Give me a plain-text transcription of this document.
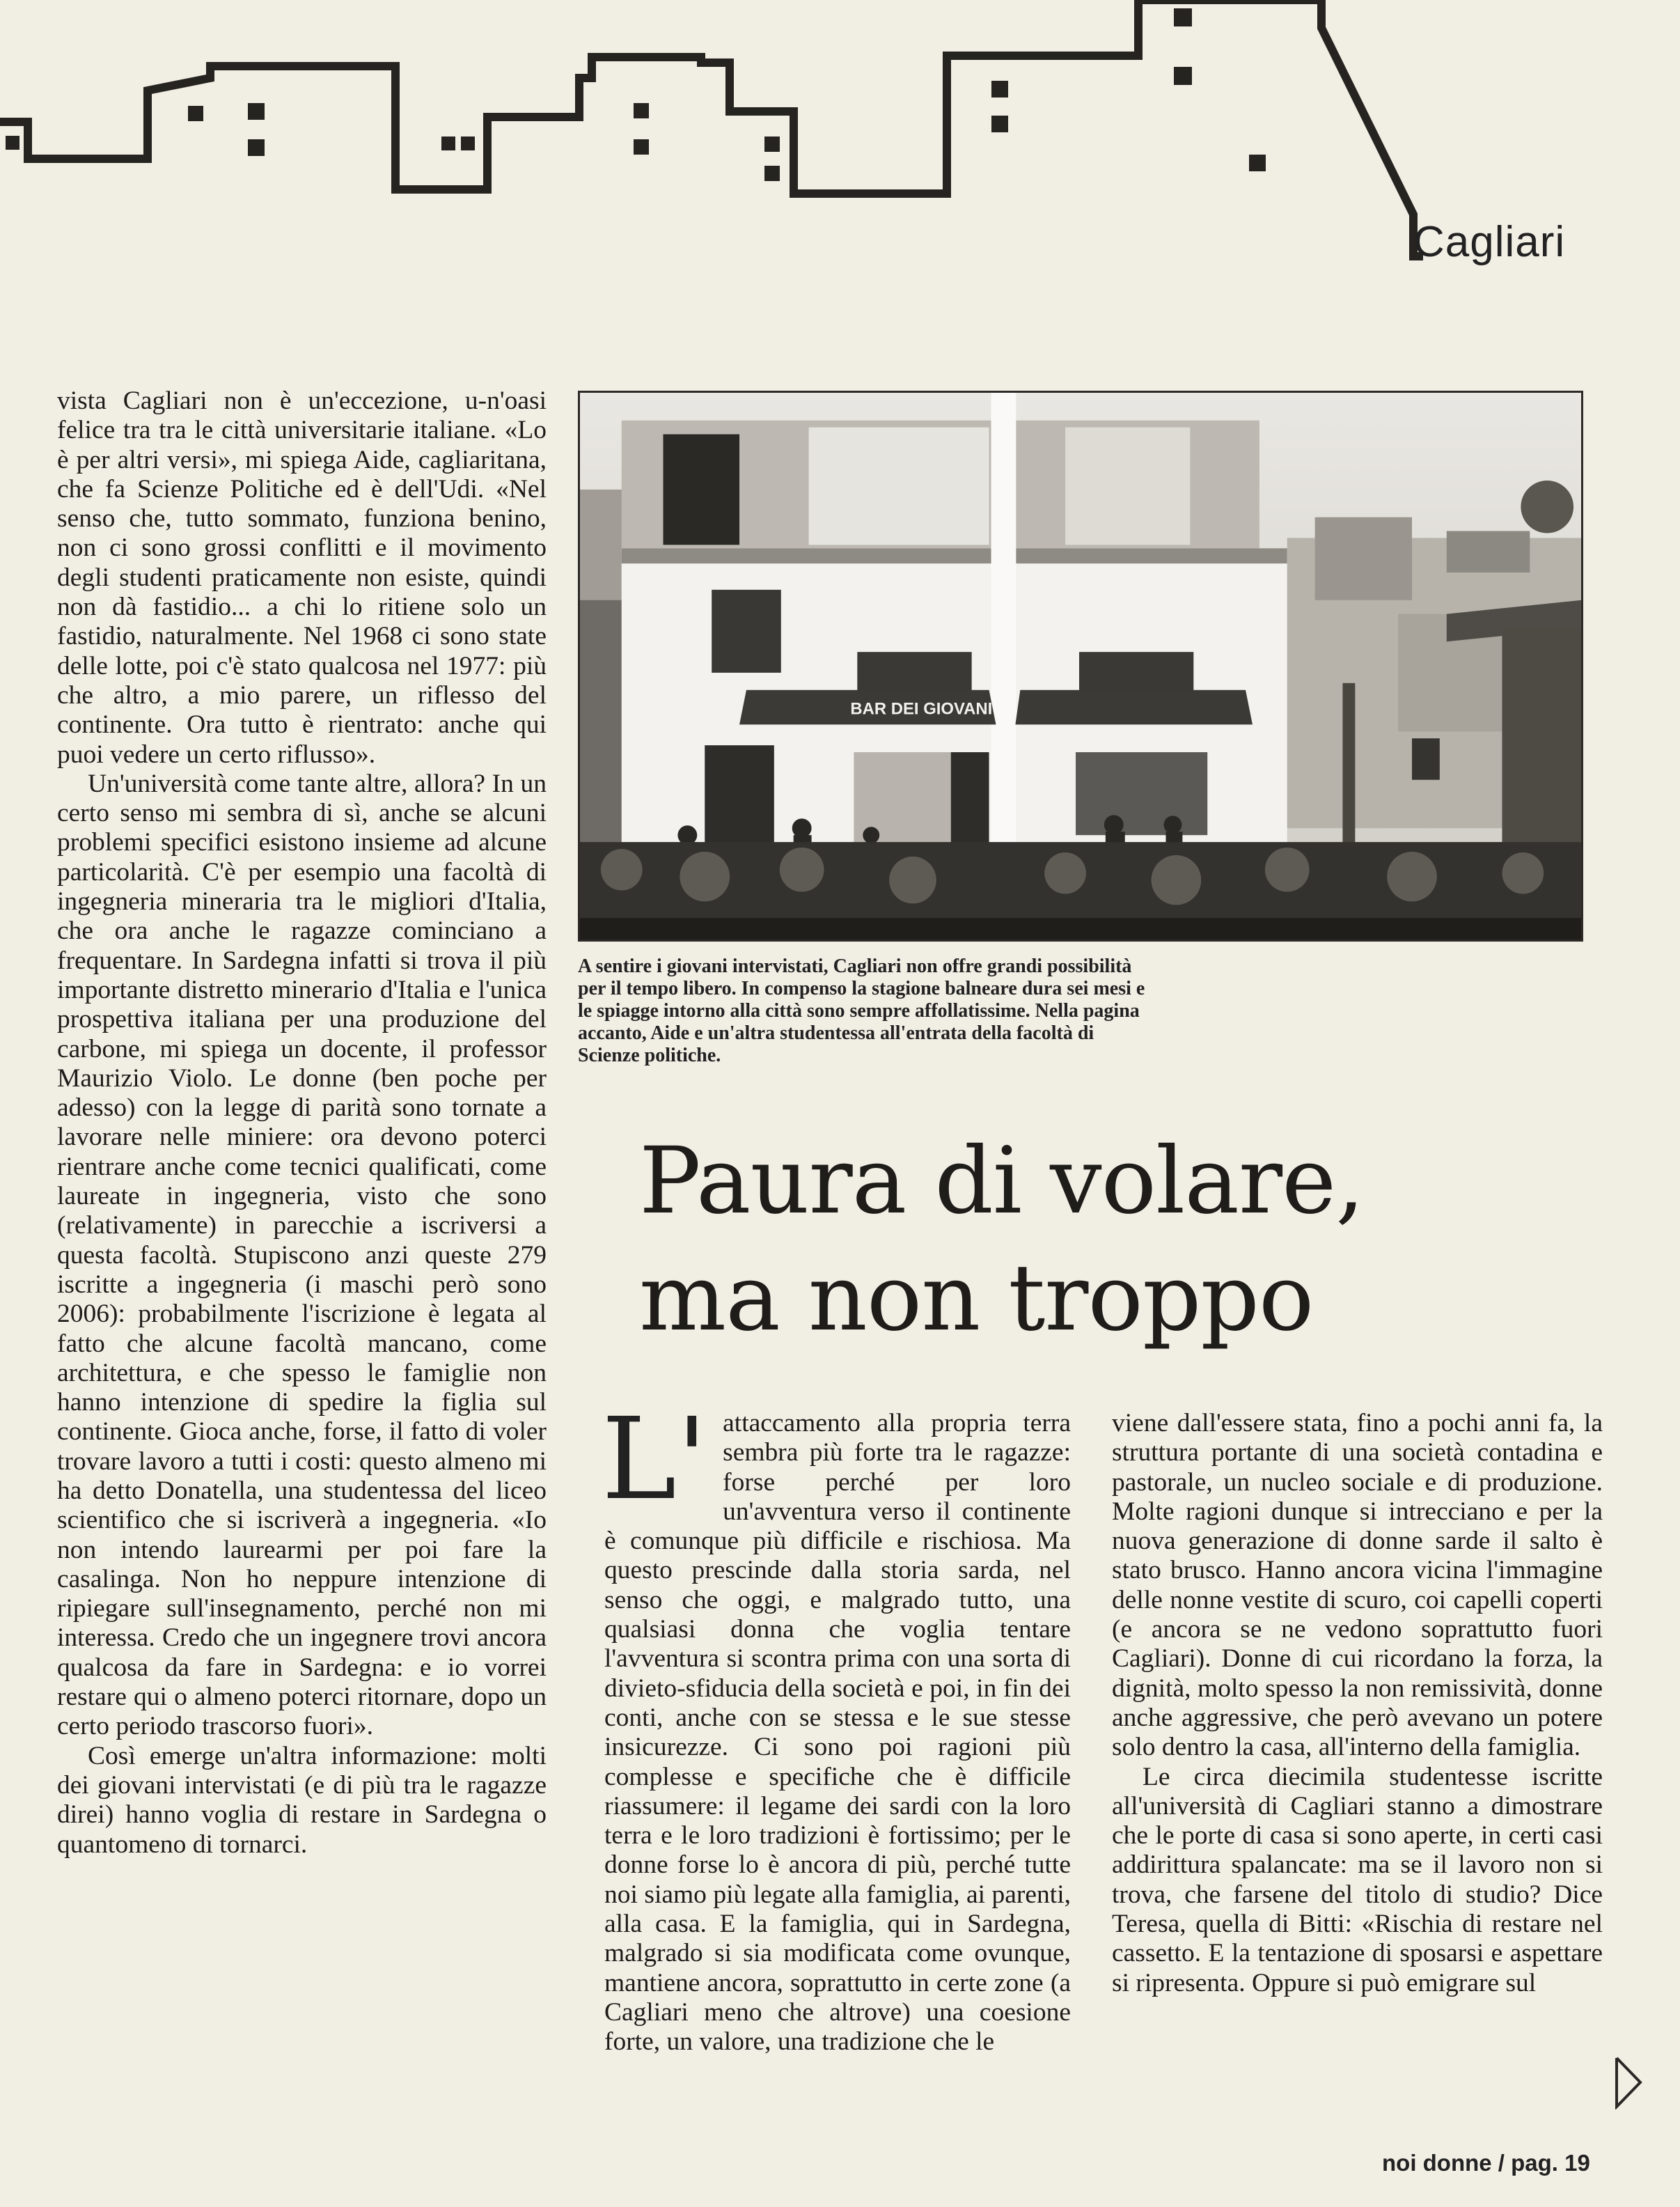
Cagliari

vista Cagliari non è un'eccezione, u-n'oasi felice tra tra le città universitarie italiane. «Lo è per altri versi», mi spiega Aide, cagliaritana, che fa Scienze Politiche ed è dell'Udi. «Nel senso che, tutto sommato, funziona benino, non ci sono grossi conflitti e il movimento degli studenti praticamente non esiste, quindi non dà fastidio... a chi lo ritiene solo un fastidio, naturalmente. Nel 1968 ci sono state delle lotte, poi c'è stato qualcosa nel 1977: più che altro, a mio parere, un riflesso del continente. Ora tutto è rientrato: anche qui puoi vedere un certo riflusso».

Un'università come tante altre, allora? In un certo senso mi sembra di sì, anche se alcuni problemi specifici esistono insieme ad alcune particolarità. C'è per esempio una facoltà di ingegneria mineraria tra le migliori d'Italia, che ora anche le ragazze cominciano a frequentare. In Sardegna infatti si trova il più importante distretto minerario d'Italia e l'unica prospettiva italiana per una produzione del carbone, mi spiega un docente, il professor Maurizio Violo. Le donne (ben poche per adesso) con la legge di parità sono tornate a lavorare nelle miniere: ora devono poterci rientrare anche come tecnici qualificati, come laureate in ingegneria, visto che sono (relativamente) in parecchie a iscriversi a questa facoltà. Stupiscono anzi queste 279 iscritte a ingegneria (i maschi però sono 2006): probabilmente l'iscrizione è legata al fatto che alcune facoltà mancano, come architettura, e che spesso le famiglie non hanno intenzione di spedire la figlia sul continente. Gioca anche, forse, il fatto di voler trovare lavoro a tutti i costi: questo almeno mi ha detto Donatella, una studentessa del liceo scientifico che si iscriverà a ingegneria. «Io non intendo laurearmi per poi fare la casalinga. Non ho neppure intenzione di ripiegare sull'insegnamento, perché non mi interessa. Credo che un ingegnere trovi ancora qualcosa da fare in Sardegna: e io vorrei restare qui o almeno poterci ritornare, dopo un certo periodo trascorso fuori».

Così emerge un'altra informazione: molti dei giovani intervistati (e di più tra le ragazze direi) hanno voglia di restare in Sardegna o quantomeno di tornarci.

BAR DEI GIOVANI
A sentire i giovani intervistati, Cagliari non offre grandi possibilità per il tempo libero. In compenso la stagione balneare dura sei mesi e le spiagge intorno alla città sono sempre affollatissime. Nella pagina accanto, Aide e un'altra studentessa all'entrata della facoltà di Scienze politiche.
Paura di volare,
ma non troppo

L' attaccamento alla propria terra sembra più forte tra le ragazze: forse perché per loro un'avventura verso il continente è comunque più difficile e rischiosa. Ma questo prescinde dalla storia sarda, nel senso che oggi, e malgrado tutto, una qualsiasi donna che voglia tentare l'avventura si scontra prima con una sorta di divieto-sfiducia della società e poi, in fin dei conti, anche con se stessa e le sue stesse insicurezze. Ci sono poi ragioni più complesse e specifiche che è difficile riassumere: il legame dei sardi con la loro terra e le loro tradizioni è fortissimo; per le donne forse lo è ancora di più, perché tutte noi siamo più legate alla famiglia, ai parenti, alla casa. E la famiglia, qui in Sardegna, malgrado si sia modificata come ovunque, mantiene ancora, soprattutto in certe zone (a Cagliari meno che altrove) una coesione forte, un valore, una tradizione che le

viene dall'essere stata, fino a pochi anni fa, la struttura portante di una società contadina e pastorale, un nucleo sociale e di produzione. Molte ragioni dunque si intrecciano e per la nuova generazione di donne sarde il salto è stato brusco. Hanno ancora vicina l'immagine delle nonne vestite di scuro, coi capelli coperti (e ancora se ne vedono soprattutto fuori Cagliari). Donne di cui ricordano la forza, la dignità, molto spesso la non remissività, donne anche aggressive, che però avevano un potere solo dentro la casa, all'interno della famiglia.

Le circa diecimila studentesse iscritte all'università di Cagliari stanno a dimostrare che le porte di casa si sono aperte, in certi casi addirittura spalancate: ma se il lavoro non si trova, che farsene del titolo di studio? Dice Teresa, quella di Bitti: «Rischia di restare nel cassetto. E la tentazione di sposarsi e aspettare si ripresenta. Oppure si può emigrare sul

noi donne / pag. 19
